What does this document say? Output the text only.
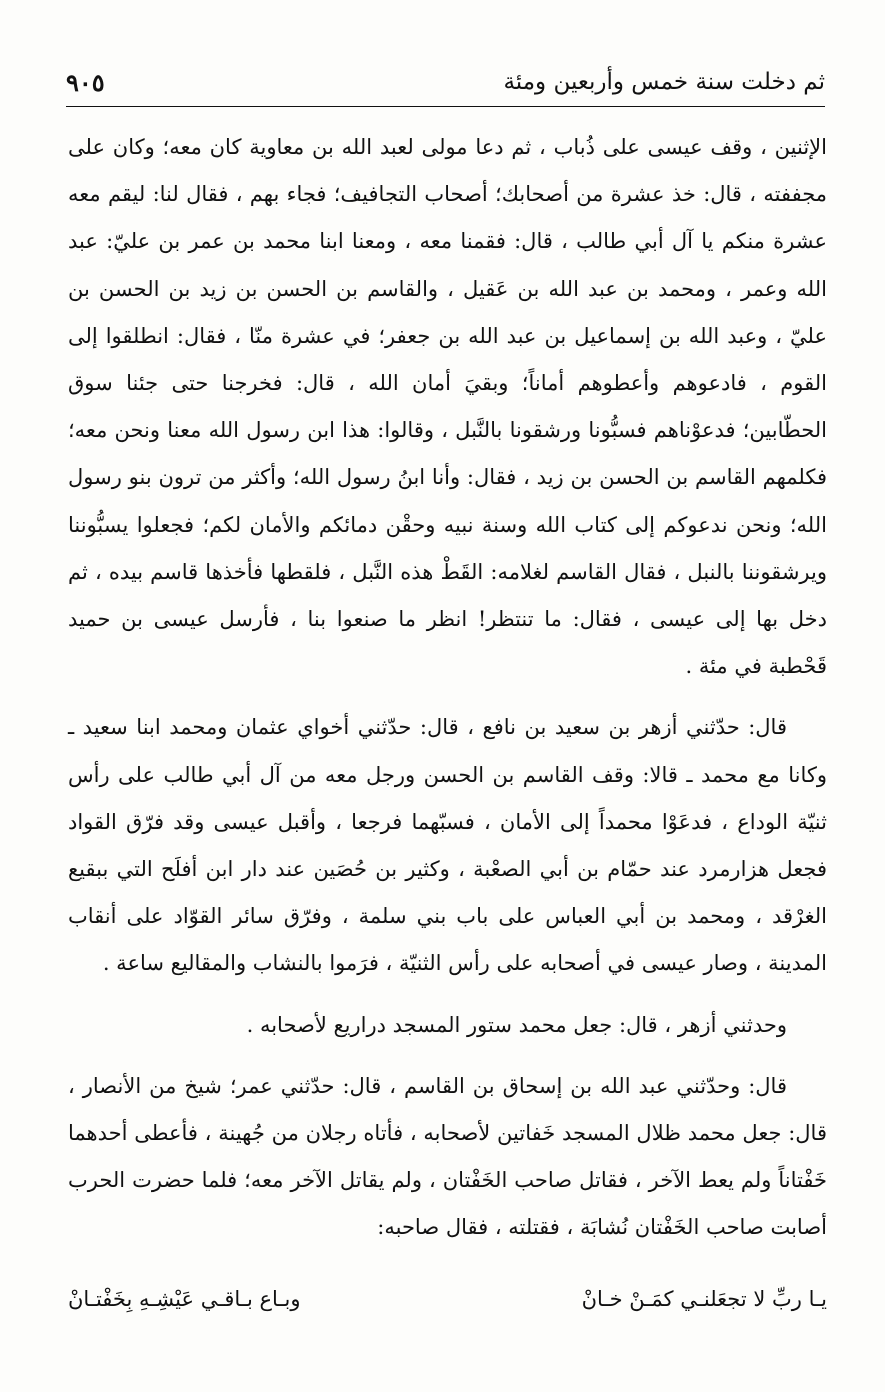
ثم دخلت سنة خمس وأربعين ومئة
٩٠٥

الإثنين ، وقف عيسى على ذُباب ، ثم دعا مولى لعبد الله بن معاوية كان معه؛ وكان على مجففته ، قال: خذ عشرة من أصحابك؛ أصحاب التجافيف؛ فجاء بهم ، فقال لنا: ليقم معه عشرة منكم يا آل أبي طالب ، قال: فقمنا معه ، ومعنا ابنا محمد بن عمر بن عليّ: عبد الله وعمر ، ومحمد بن عبد الله بن عَقيل ، والقاسم بن الحسن بن زيد بن الحسن بن عليّ ، وعبد الله بن إسماعيل بن عبد الله بن جعفر؛ في عشرة منّا ، فقال: انطلقوا إلى القوم ، فادعوهم وأعطوهم أماناً؛ وبقيَ أمان الله ، قال: فخرجنا حتى جئنا سوق الحطّابين؛ فدعوْناهم فسبُّونا ورشقونا بالنَّبل ، وقالوا: هذا ابن رسول الله معنا ونحن معه؛ فكلمهم القاسم بن الحسن بن زيد ، فقال: وأنا ابنُ رسول الله؛ وأكثر من ترون بنو رسول الله؛ ونحن ندعوكم إلى كتاب الله وسنة نبيه وحقْن دمائكم والأمان لكم؛ فجعلوا يسبُّوننا ويرشقوننا بالنبل ، فقال القاسم لغلامه: القَطْ هذه النَّبل ، فلقطها فأخذها قاسم بيده ، ثم دخل بها إلى عيسى ، فقال: ما تنتظر! انظر ما صنعوا بنا ، فأرسل عيسى بن حميد قَحْطبة في مئة .

قال: حدّثني أزهر بن سعيد بن نافع ، قال: حدّثني أخواي عثمان ومحمد ابنا سعيد ـ وكانا مع محمد ـ قالا: وقف القاسم بن الحسن ورجل معه من آل أبي طالب على رأس ثنيّة الوداع ، فدعَوْا محمداً إلى الأمان ، فسبّهما فرجعا ، وأقبل عيسى وقد فرّق القواد فجعل هزارمرد عند حمّام بن أبي الصعْبة ، وكثير بن حُصَين عند دار ابن أفلَح التي ببقيع الغرْقد ، ومحمد بن أبي العباس على باب بني سلمة ، وفرّق سائر القوّاد على أنقاب المدينة ، وصار عيسى في أصحابه على رأس الثنيّة ، فرَموا بالنشاب والمقاليع ساعة .

وحدثني أزهر ، قال: جعل محمد ستور المسجد دراريع لأصحابه .

قال: وحدّثني عبد الله بن إسحاق بن القاسم ، قال: حدّثني عمر؛ شيخ من الأنصار ، قال: جعل محمد ظلال المسجد خَفاتين لأصحابه ، فأتاه رجلان من جُهينة ، فأعطى أحدهما خَفْتاناً ولم يعط الآخر ، فقاتل صاحب الخَفْتان ، ولم يقاتل الآخر معه؛ فلما حضرت الحرب أصابت صاحب الخَفْتان نُشابَة ، فقتلته ، فقال صاحبه:

يـا ربِّ لا تجعَلنـي كمَـنْ خـانْ
وبـاع بـاقـي عَيْشِـهِ بِخَفْتـانْ
